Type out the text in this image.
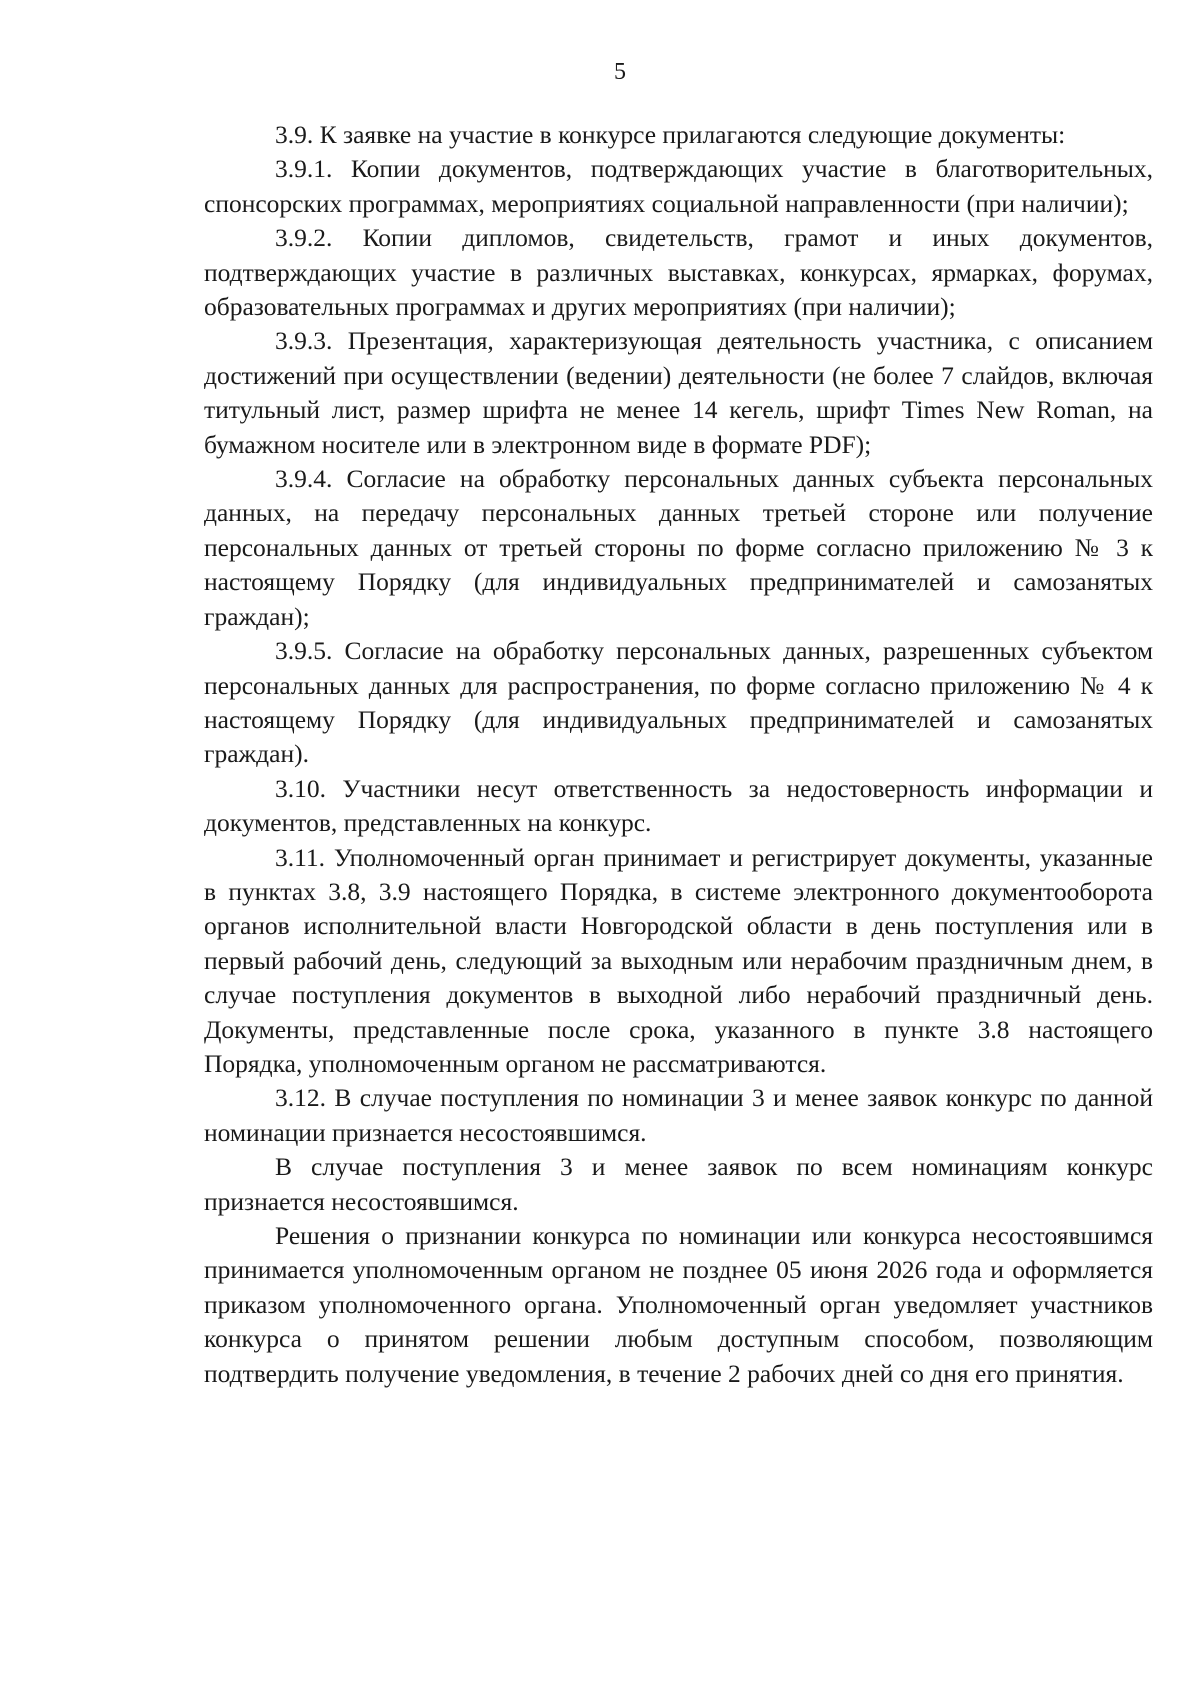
5

3.9. К заявке на участие в конкурсе прилагаются следующие документы:

3.9.1. Копии документов, подтверждающих участие в благотворительных, спонсорских программах, мероприятиях социальной направленности (при наличии);

3.9.2. Копии дипломов, свидетельств, грамот и иных документов, подтверждающих участие в различных выставках, конкурсах, ярмарках, форумах, образовательных программах и других мероприятиях (при наличии);

3.9.3. Презентация, характеризующая деятельность участника, с описанием достижений при осуществлении (ведении) деятельности (не более 7 слайдов, включая титульный лист, размер шрифта не менее 14 кегель, шрифт Times New Roman, на бумажном носителе или в электронном виде в формате PDF);

3.9.4. Согласие на обработку персональных данных субъекта персональных данных, на передачу персональных данных третьей стороне или получение персональных данных от третьей стороны по форме согласно приложению № 3 к настоящему Порядку (для индивидуальных предпринимателей и самозанятых граждан);

3.9.5. Согласие на обработку персональных данных, разрешенных субъектом персональных данных для распространения, по форме согласно приложению № 4 к настоящему Порядку (для индивидуальных предпринимателей и самозанятых граждан).

3.10. Участники несут ответственность за недостоверность информации и документов, представленных на конкурс.

3.11. Уполномоченный орган принимает и регистрирует документы, указанные в пунктах 3.8, 3.9 настоящего Порядка, в системе электронного документооборота органов исполнительной власти Новгородской области в день поступления или в первый рабочий день, следующий за выходным или нерабочим праздничным днем, в случае поступления документов в выходной либо нерабочий праздничный день. Документы, представленные после срока, указанного в пункте 3.8 настоящего Порядка, уполномоченным органом не рассматриваются.

3.12. В случае поступления по номинации 3 и менее заявок конкурс по данной номинации признается несостоявшимся.

В случае поступления 3 и менее заявок по всем номинациям конкурс признается несостоявшимся.

Решения о признании конкурса по номинации или конкурса несостоявшимся принимается уполномоченным органом не позднее 05 июня 2026 года и оформляется приказом уполномоченного органа. Уполномоченный орган уведомляет участников конкурса о принятом решении любым доступным способом, позволяющим подтвердить получение уведомления, в течение 2 рабочих дней со дня его принятия.
